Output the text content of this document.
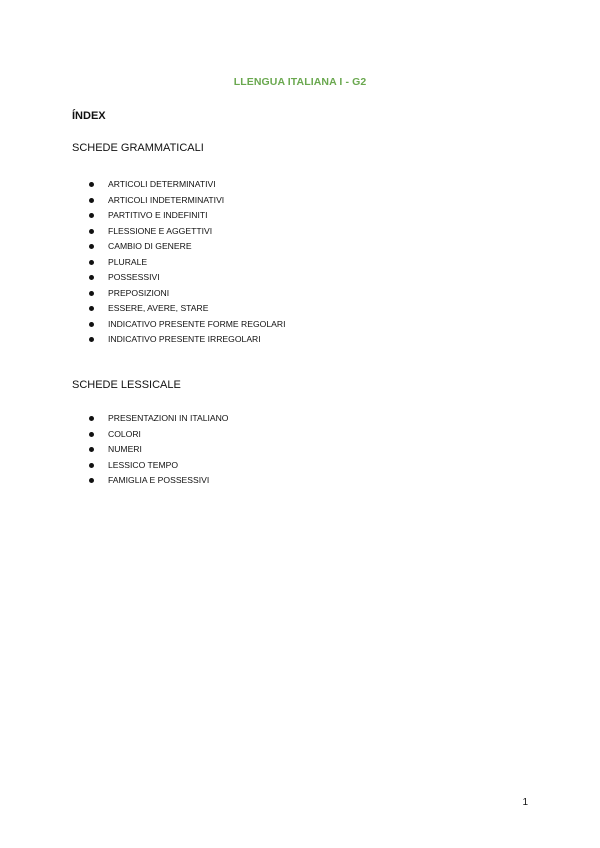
LLENGUA ITALIANA I - G2
ÍNDEX
SCHEDE GRAMMATICALI
ARTICOLI DETERMINATIVI
ARTICOLI INDETERMINATIVI
PARTITIVO E INDEFINITI
FLESSIONE E AGGETTIVI
CAMBIO DI GENERE
PLURALE
POSSESSIVI
PREPOSIZIONI
ESSERE, AVERE, STARE
INDICATIVO PRESENTE FORME REGOLARI
INDICATIVO PRESENTE IRREGOLARI
SCHEDE LESSICALE
PRESENTAZIONI IN ITALIANO
COLORI
NUMERI
LESSICO TEMPO
FAMIGLIA E POSSESSIVI
1
